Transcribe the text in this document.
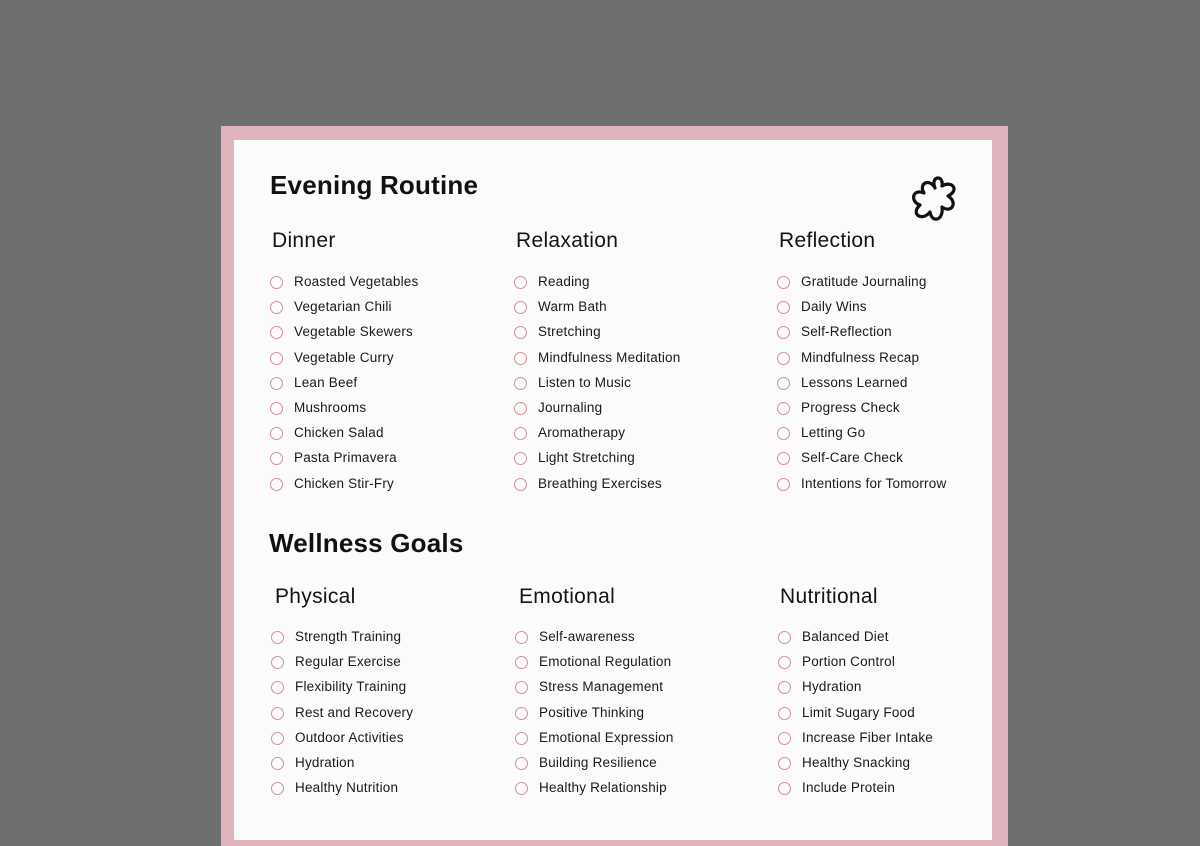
Evening Routine
Dinner
Roasted Vegetables
Vegetarian Chili
Vegetable Skewers
Vegetable Curry
Lean Beef
Mushrooms
Chicken Salad
Pasta Primavera
Chicken Stir-Fry
Relaxation
Reading
Warm Bath
Stretching
Mindfulness Meditation
Listen to Music
Journaling
Aromatherapy
Light Stretching
Breathing Exercises
Reflection
Gratitude Journaling
Daily Wins
Self-Reflection
Mindfulness Recap
Lessons Learned
Progress Check
Letting Go
Self-Care Check
Intentions for Tomorrow
Wellness Goals
Physical
Strength Training
Regular Exercise
Flexibility Training
Rest and Recovery
Outdoor Activities
Hydration
Healthy Nutrition
Emotional
Self-awareness
Emotional Regulation
Stress Management
Positive Thinking
Emotional Expression
Building Resilience
Healthy Relationship
Nutritional
Balanced Diet
Portion Control
Hydration
Limit Sugary Food
Increase Fiber Intake
Healthy Snacking
Include Protein
